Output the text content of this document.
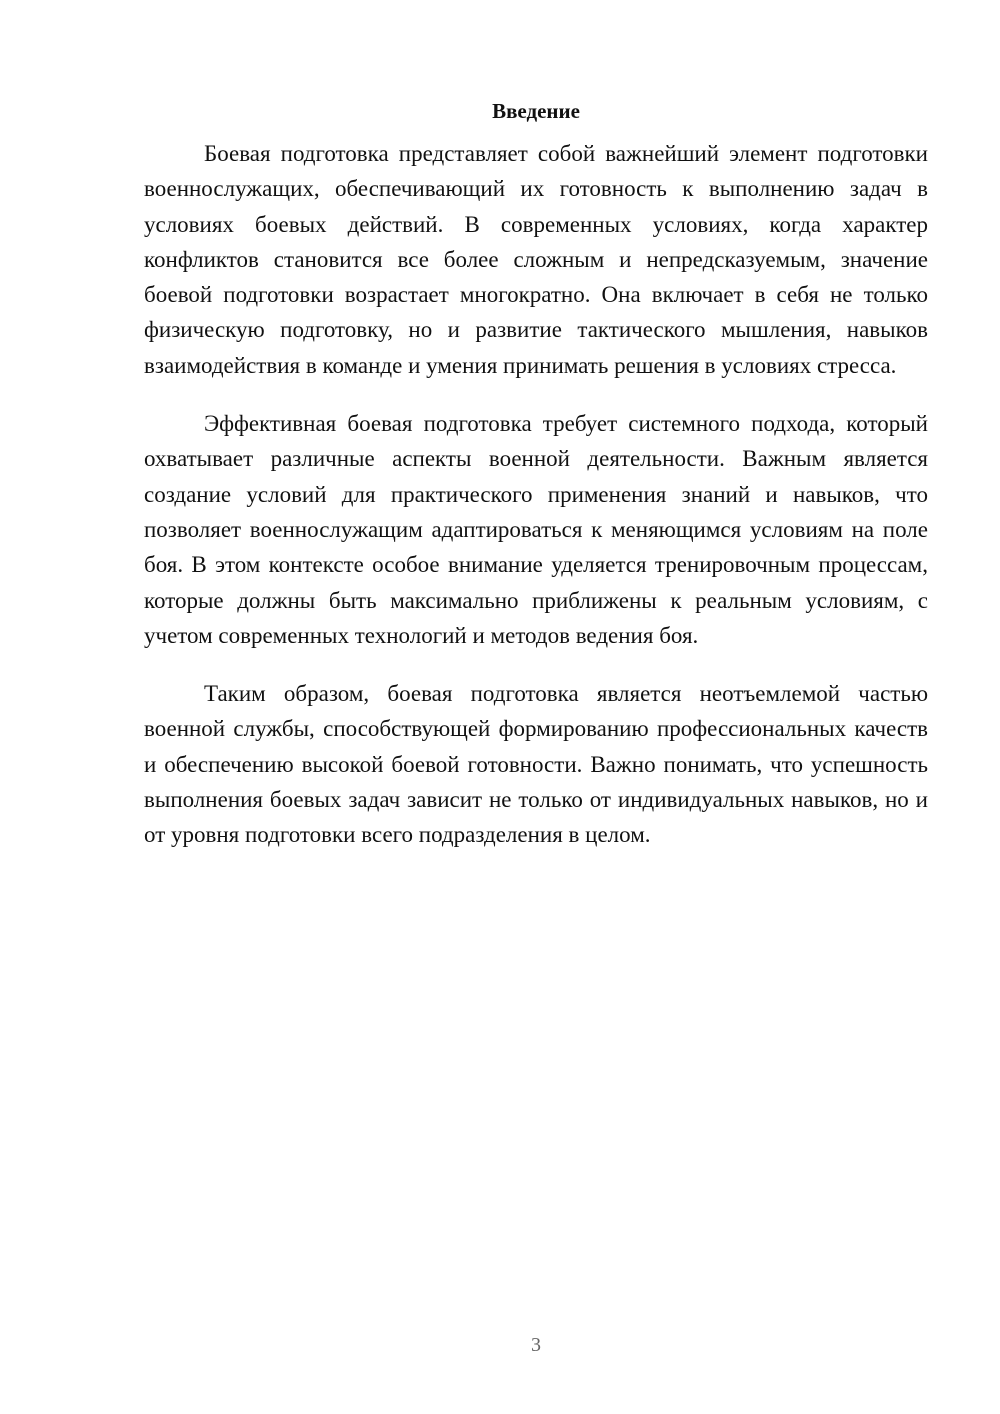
Введение

Боевая подготовка представляет собой важнейший элемент подготовки военнослужащих, обеспечивающий их готовность к выполнению задач в условиях боевых действий. В современных условиях, когда характер конфликтов становится все более сложным и непредсказуемым, значение боевой подготовки возрастает многократно. Она включает в себя не только физическую подготовку, но и развитие тактического мышления, навыков взаимодействия в команде и умения принимать решения в условиях стресса.

Эффективная боевая подготовка требует системного подхода, который охватывает различные аспекты военной деятельности. Важным является создание условий для практического применения знаний и навыков, что позволяет военнослужащим адаптироваться к меняющимся условиям на поле боя. В этом контексте особое внимание уделяется тренировочным процессам, которые должны быть максимально приближены к реальным условиям, с учетом современных технологий и методов ведения боя.

Таким образом, боевая подготовка является неотъемлемой частью военной службы, способствующей формированию профессиональных качеств и обеспечению высокой боевой готовности. Важно понимать, что успешность выполнения боевых задач зависит не только от индивидуальных навыков, но и от уровня подготовки всего подразделения в целом.

3
